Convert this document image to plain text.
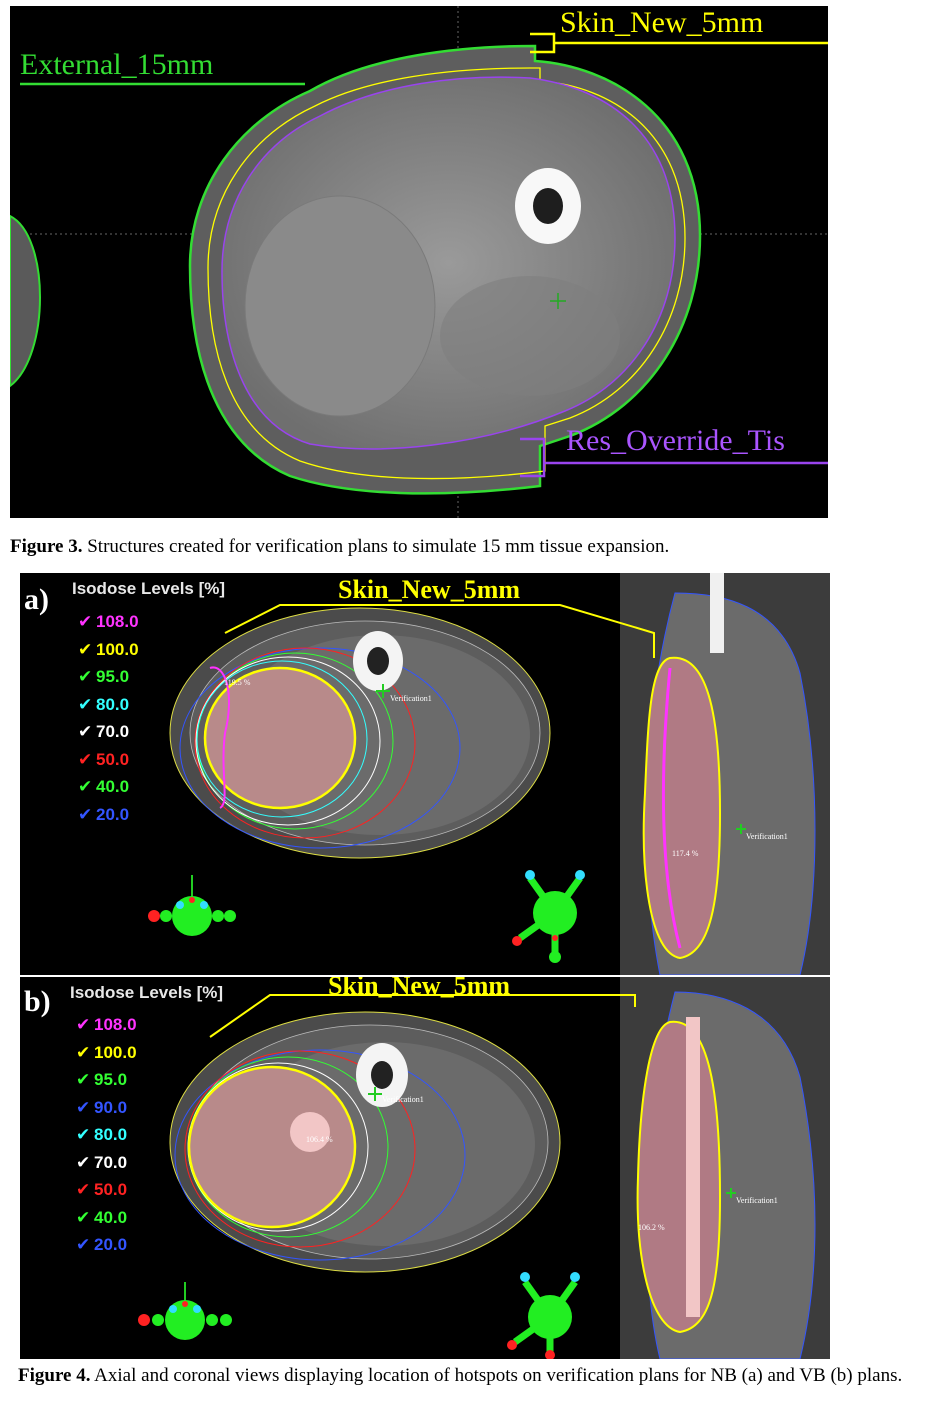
External_15mm
Skin_New_5mm
Res_Override_Tis
Figure 3. Structures created for verification plans to simulate 15 mm tissue expansion.
a) Isodose Levels [%]
✔ 108.0
✔ 100.0
✔ 95.0
✔ 80.0
✔ 70.0
✔ 50.0
✔ 40.0
✔ 20.0
Skin_New_5mm
119.5 %
117.4 %
Verification1
Verification1
b) Isodose Levels [%]
✔ 108.0
✔ 100.0
✔ 95.0
✔ 90.0
✔ 80.0
✔ 70.0
✔ 50.0
✔ 40.0
✔ 20.0
Skin_New_5mm
106.4 %
106.2 %
Verification1
Verification1
Figure 4. Axial and coronal views displaying location of hotspots on verification plans for NB (a) and VB (b) plans.
